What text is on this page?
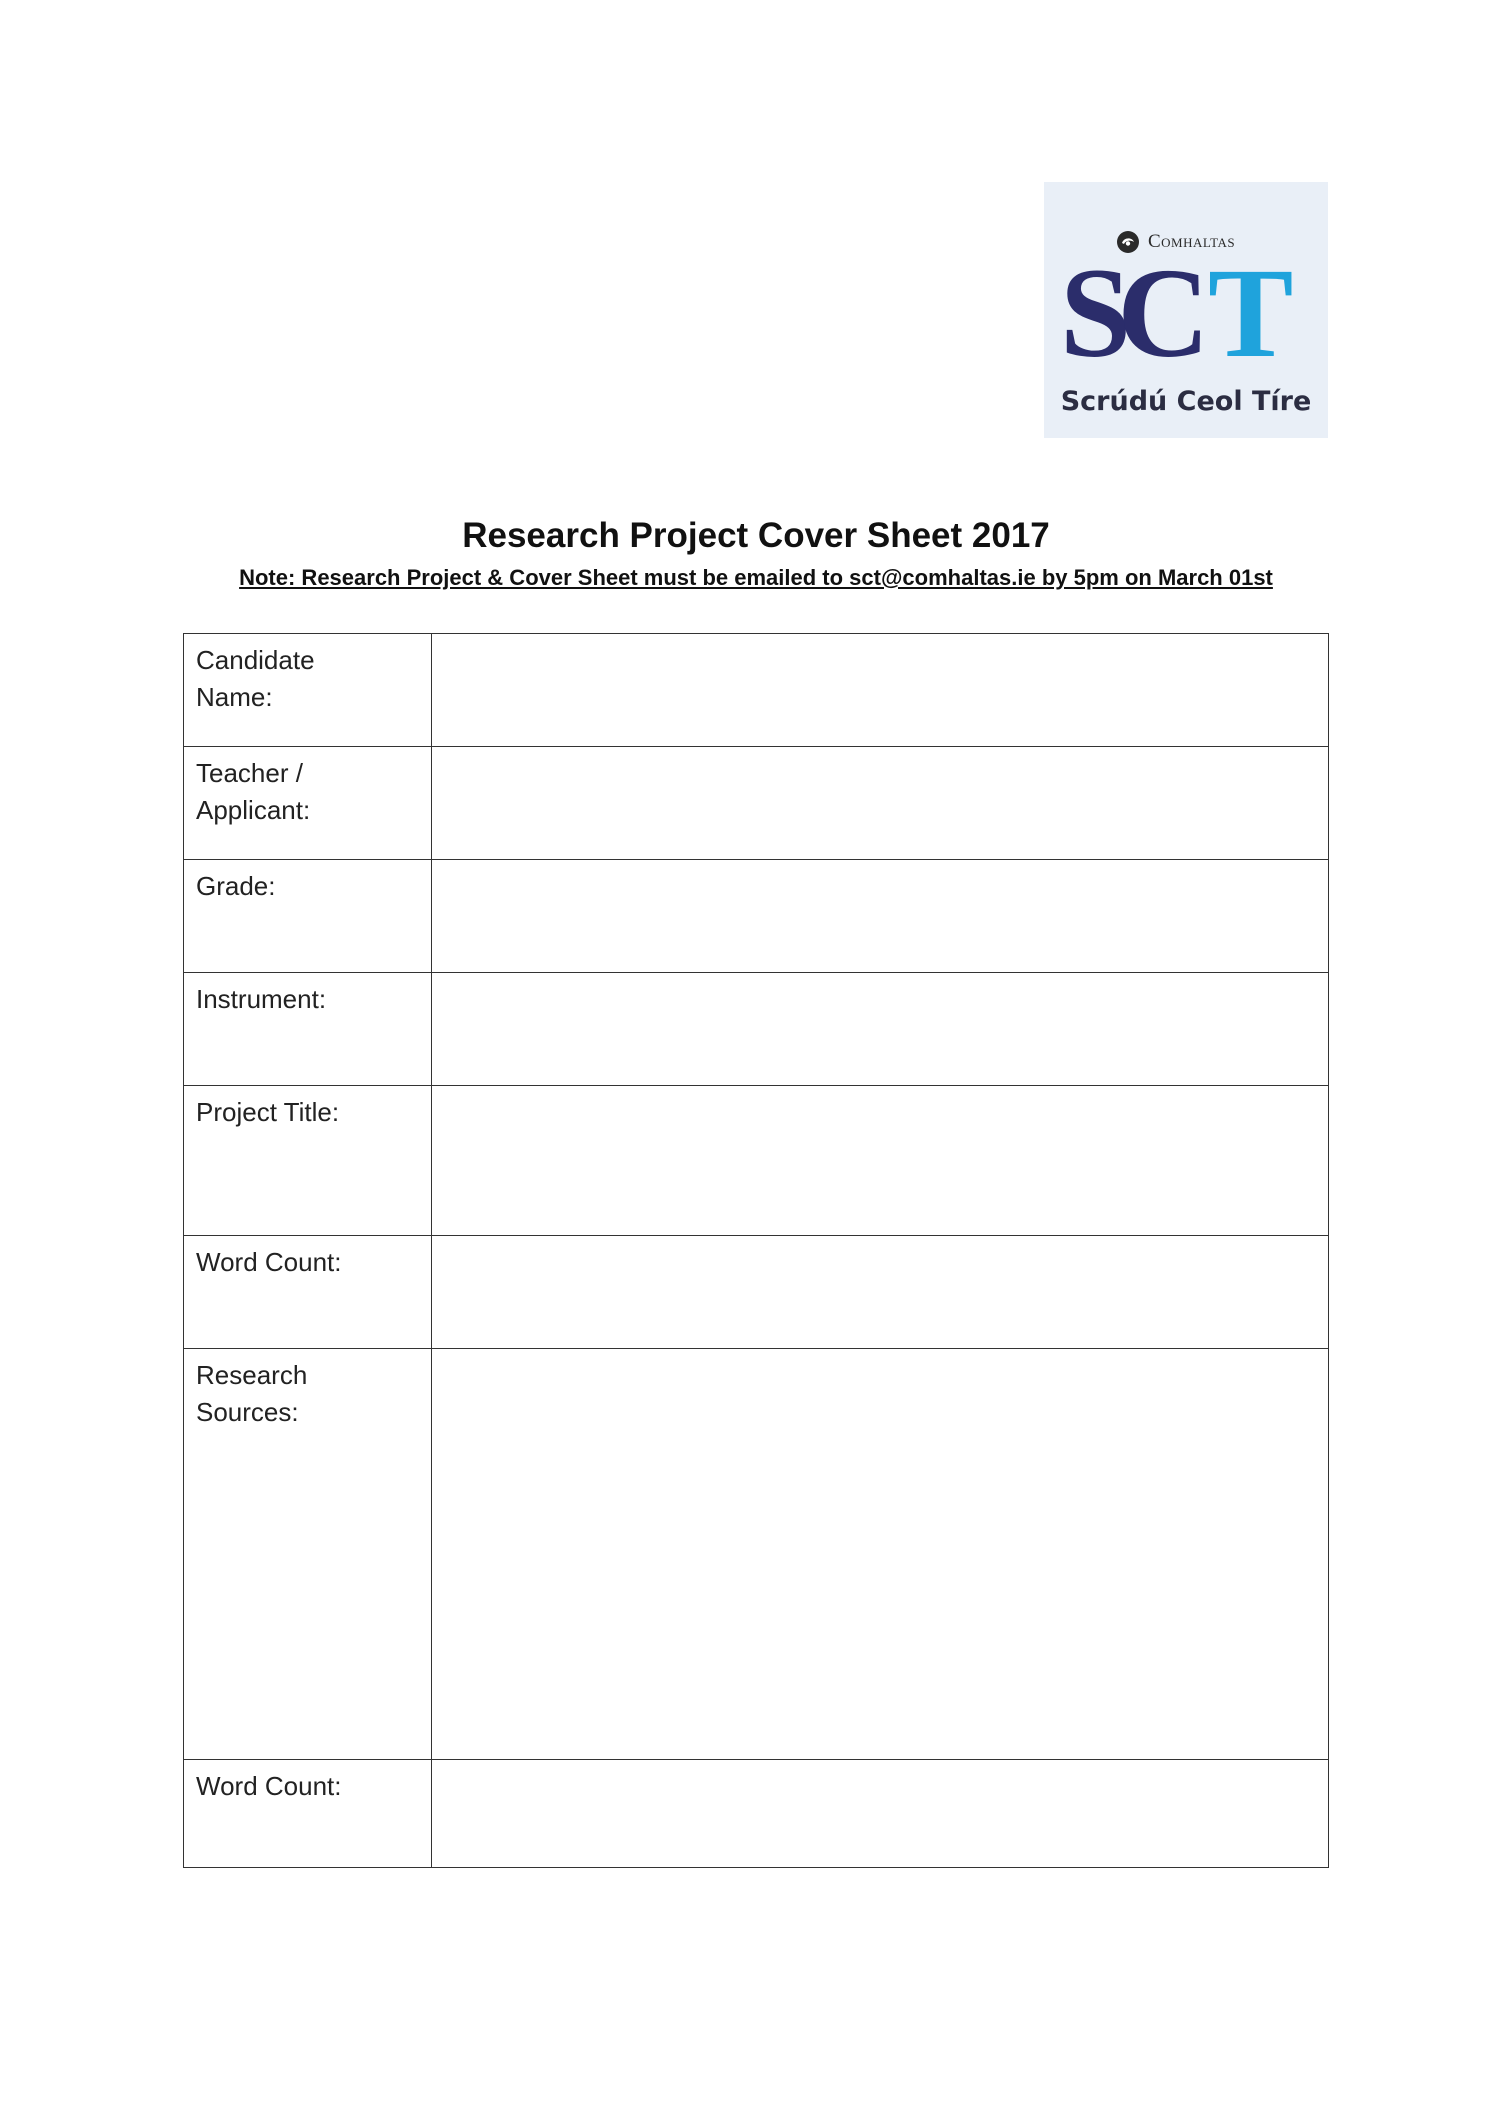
Comhaltas
SC T
Scrúdú Ceol Tíre
Research Project Cover Sheet 2017
Note: Research Project & Cover Sheet must be emailed to sct@comhaltas.ie by 5pm on March 01st
Candidate
Name:	
Teacher /
Applicant:	
Grade:	
Instrument:	
Project Title:	
Word Count:	
Research
Sources:	
Word Count:	
